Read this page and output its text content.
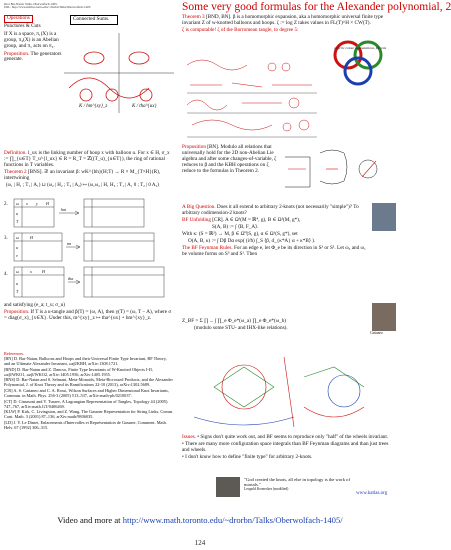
Dror Bar-Natan: Talks: Oberwolfach-1405:
URL: http://www.math.toronto.edu/~drorbn/Talks/Oberwolfach-1405/	Some very good formulas for the Alexander polynomial, 2
Operations
Punctures & Cuts
If X is a space, π₁(X) is a group, π₂(X) is an Abelian group, and π₁ acts on π₂.
Proposition. The generators generate.
Connected Sums.
K / hm^{xy}_z	K / tha^{ux}

Definition. l_ux is the linking number of hoop x with balloon u. For x ∈ H, σ_x := ∏_{u∈T} T_u^{l_ux} ∈ R = R_T = ℤ((T_u)_{u∈T}), the ring of rational functions in T variables.

Theorem 2 [BNS]. ∃! an invariant β: wK^{bh}(H;T) → R × M_{T×H}(R), intertwining

(ω₁ | H₁ ; T₁ | A₁) ⊔ (ω₂ | H₂ ; T₂ | A₂) ↦ (ω₁ω₂ | H₁ H₂ ; T₁ | A₁ 0 ; T₂ | 0 A₂)
2.
3.
4.
ω x y H
u
T
hm
ω	H
u
v
tm
ω	x H
u
T
tha

and satisfying (e_a; t_u; σ_u)

Proposition. If T is a u-tangle and β(T) = (ω, A), then γ(T) = (ω, T − A), where σ = diag(σ_x)_{x∈X}. Under this, m^{xy}_z ↦ tha^{ux} ∘ hm^{xy}_z.

References.

[BN] D. Bar-Natan, Balloons and Hoops and their Universal Finite Type Invariant, BF Theory, and an Ultimate Alexander Invariant, ωεβ/KBH, arXiv:1308.1721.

[BND] D. Bar-Natan and Z. Dancso, Finite Type Invariants of W-Knotted Objects I-II, ωεβ/WKO1, ωεβ/WKO2, arXiv:1405.1956, arXiv:1405.1955.

[BNS] D. Bar-Natan and S. Selmani, Meta-Monoids, Meta-Bicrossed Products, and the Alexander Polynomial, J. of Knot Theory and its Ramifications 22-10 (2013), arXiv:1302.5689.

[CR] A. S. Cattaneo and C. A. Rossi, Wilson Surfaces and Higher Dimensional Knot Invariants, Commun. in Math. Phys. 256-3 (2005) 513–537, arXiv:math-ph/0210037.

[CT] D. Cimasoni and V. Turaev, A Lagrangian Representation of Tangles, Topology 44 (2005) 747–767, arXiv:math.GT/0406269.

[KLW] P. Kirk, C. Livingston, and Z. Wang, The Gassner Representation for String Links, Comm. Cont. Math. 3 (2001) 87–136, arXiv:math/9806035.

[LD] J. Y. Le Dimet, Enlacements d'Intervalles et Représentation de Gassner, Comment. Math. Helv. 67 (1992) 306–315.

Theorem 3 [BND, BN]. β is a homomorphic expansion, aka a homomorphic universal finite type invariant Z of w-knotted balloons and hoops. ζ := log Z takes values in FL(T)^H × CW(T).

ζ is computable! ζ of the Borromean tangle, to degree 5:

c cyclic colour permutations, forrests

Proposition [BN]. Modulo all relations that universally hold for the 2D non-Abelian Lie algebra and after some changes-of-variable, ζ reduces to β and the KBH operations on ζ reduce to the formulas in Theorem 2.

A Big Question. Does it all extend to arbitrary 2-knots (not necessarily "simple")? To arbitrary codimension-2 knots?

BF Unfolding [CR]. A ∈ Ω¹(M = ℝ⁴, g), B ∈ Ω²(M, g*),

S(A, B) := ∫ ⟨B, F_A⟩.

With κ: (S = ℝ²) → M, β ∈ Ω⁰(S, g), α ∈ Ω¹(S, g*), set

O(A, B, κ) := ∫ Dβ Dα exp( (i/ħ) ∫_S ⟨β, d_{κ*A} α + κ*B⟩ ).

The BF Feynman Rules. For an edge e, let Φ_e be its direction in S³ or S¹. Let ω₃ and ω₁ be volume forms on S³ and S¹. Then

Cattaneo

Z_BF = Σ ∏ ... ∫ ∏_e Φ_e*(ω_a) ∏_e Φ_e*(ω_b)

(modulo some STU- and IHX-like relations).

Issues. • Signs don't quite work out, and BF seems to reproduce only "half" of the wheels invariant.

• There are many more configuration space integrals than BF Feynman diagrams and than just trees and wheels.

• I don't know how to define "finite type" for arbitrary 2-knots.

"God created the knots, all else in topology is the work of mortals."
Leopold Kronecker (modified)
www.katlas.org
Video and more at http://www.math.toronto.edu/~drorbn/Talks/Oberwolfach-1405/
124
